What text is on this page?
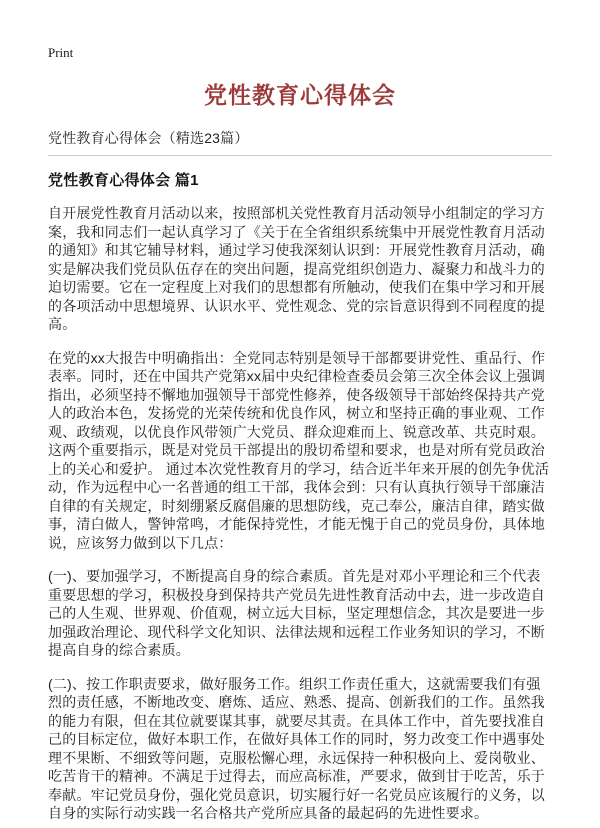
Print
党性教育心得体会
党性教育心得体会（精选23篇）
党性教育心得体会 篇1

自开展党性教育月活动以来，按照部机关党性教育月活动领导小组制定的学习方案，我和同志们一起认真学习了《关于在全省组织系统集中开展党性教育月活动的通知》和其它辅导材料，通过学习使我深刻认识到：开展党性教育月活动，确实是解决我们党员队伍存在的突出问题，提高党组织创造力、凝聚力和战斗力的迫切需要。它在一定程度上对我们的思想都有所触动，使我们在集中学习和开展的各项活动中思想境界、认识水平、党性观念、党的宗旨意识得到不同程度的提高。

在党的xx大报告中明确指出：全党同志特别是领导干部都要讲党性、重品行、作表率。同时，还在中国共产党第xx届中央纪律检查委员会第三次全体会议上强调指出，必须坚持不懈地加强领导干部党性修养，使各级领导干部始终保持共产党人的政治本色，发扬党的光荣传统和优良作风，树立和坚持正确的事业观、工作观、政绩观，以优良作风带领广大党员、群众迎难而上、锐意改革、共克时艰。这两个重要指示，既是对党员干部提出的殷切希望和要求，也是对所有党员政治上的关心和爱护。 通过本次党性教育月的学习，结合近半年来开展的创先争优活动，作为远程中心一名普通的组工干部，我体会到：只有认真执行领导干部廉洁自律的有关规定，时刻绷紧反腐倡廉的思想防线，克己奉公，廉洁自律，踏实做事，清白做人，警钟常鸣，才能保持党性，才能无愧于自己的党员身份，具体地说，应该努力做到以下几点：

(一)、要加强学习，不断提高自身的综合素质。首先是对邓小平理论和三个代表重要思想的学习，积极投身到保持共产党员先进性教育活动中去，进一步改造自己的人生观、世界观、价值观，树立远大目标，坚定理想信念，其次是要进一步加强政治理论、现代科学文化知识、法律法规和远程工作业务知识的学习，不断提高自身的综合素质。

(二)、按工作职责要求，做好服务工作。组织工作责任重大，这就需要我们有强烈的责任感，不断地改变、磨炼、适应、熟悉、提高、创新我们的工作。虽然我的能力有限，但在其位就要谋其事，就要尽其责。在具体工作中，首先要找准自己的目标定位，做好本职工作，在做好具体工作的同时，努力改变工作中遇事处理不果断、不细致等问题，克服松懈心理，永远保持一种积极向上、爱岗敬业、吃苦肯干的精神。不满足于过得去，而应高标准，严要求，做到甘于吃苦，乐于奉献。牢记党员身份，强化党员意识，切实履行好一名党员应该履行的义务，以自身的实际行动实践一名合格共产党所应具备的最起码的先进性要求。
